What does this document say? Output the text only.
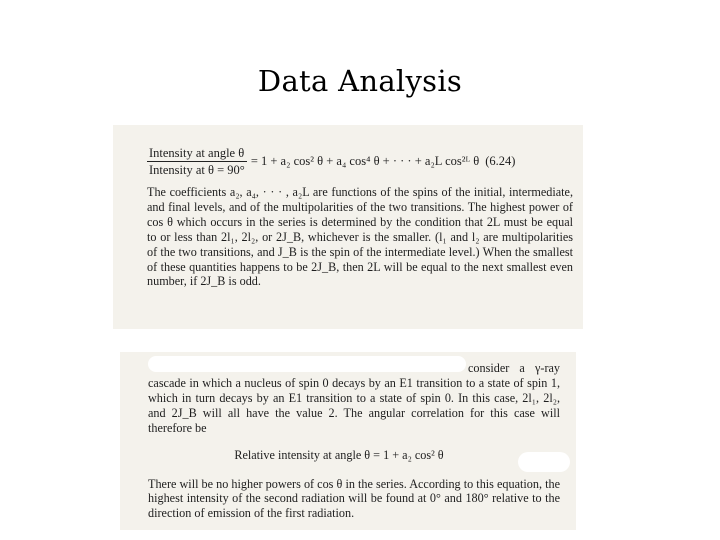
Data Analysis
$\frac{\text{Intensity at angle θ}}{\text{Intensity at θ = 90°}} = 1 + a_2$ cos² θ + a₄ cos⁴ θ + · · · + a₂L cos²ᴸ θ (6.24)

The coefficients a₂, a₄, · · · , a₂L are functions of the spins of the initial, intermediate, and final levels, and of the multipolarities of the two transitions. The highest power of cos θ which occurs in the series is determined by the condition that 2L must be equal to or less than 2l₁, 2l₂, or 2J_B, whichever is the smaller. (l₁ and l₂ are multipolarities of the two transitions, and J_B is the spin of the intermediate level.) When the smallest of these quantities happens to be 2J_B, then 2L will be equal to the next smallest even number, if 2J_B is odd.

consider a γ-ray cascade in which a nucleus of spin 0 decays by an E1 transition to a state of spin 1, which in turn decays by an E1 transition to a state of spin 0. In this case, 2l₁, 2l₂, and 2J_B will all have the value 2. The angular correlation for this case will therefore be

Relative intensity at angle θ = 1 + a₂ cos² θ

There will be no higher powers of cos θ in the series. According to this equation, the highest intensity of the second radiation will be found at 0° and 180° relative to the direction of emission of the first radiation.
